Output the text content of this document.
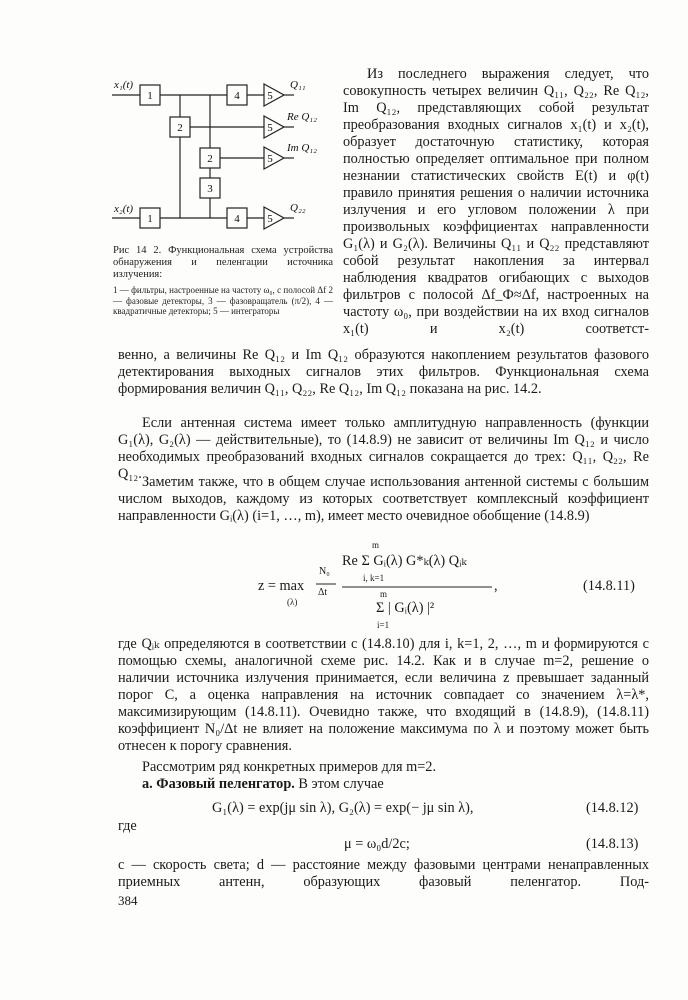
x₁(t)
x₂(t)
Q₁₁
Re Q₁₂
Im Q₁₂
Q₂₂
1
1
4
4
5
5
5
5
2
2
3
Рис 14 2. Функциональная схема устройства обнаружения и пеленгации источника излучения:
1 — фильтры, настроенные на частоту ω₀, с полосой Δf 2 — фазовые детекторы, 3 — фазовращатель (π/2), 4 — квадратичные детекторы; 5 — интеграторы

Из последнего выражения следует, что совокупность четырех величин Q₁₁, Q₂₂, Re Q₁₂, Im Q₁₂, представляющих собой результат преобразования входных сигналов x₁(t) и x₂(t), образует достаточную статистику, которая полностью определяет оптимальное при полном незнании статистических свойств E(t) и φ(t) правило принятия решения о наличии источника излучения и его угловом положении λ при произвольных коэффициентах направленности G₁(λ) и G₂(λ). Величины Q₁₁ и Q₂₂ представляют собой результат накопления за интервал наблюдения квадратов огибающих с выходов фильтров с полосой Δf_Ф≈Δf, настроенных на частоту ω₀, при воздействии на их вход сигналов x₁(t) и x₂(t) соответст-

венно, а величины Re Q₁₂ и Im Q₁₂ образуются накоплением результатов фазового детектирования выходных сигналов этих фильтров. Функциональная схема формирования величин Q₁₁, Q₂₂, Re Q₁₂, Im Q₁₂ показана на рис. 14.2.

Если антенная система имеет только амплитудную направленность (функции G₁(λ), G₂(λ) — действительные), то (14.8.9) не зависит от величины Im Q₁₂ и число необходимых преобразований входных сигналов сокращается до трех: Q₁₁, Q₂₂, Re Q₁₂. Заметим также, что в общем случае использования антенной системы с большим числом выходов, каждому из которых соответствует комплексный коэффициент направленности Gᵢ(λ) (i=1, …, m), имеет место очевидное обобщение (14.8.9)

z = max
(λ)
N₀
Δt
m
Re Σ Gᵢ(λ) G*ₖ(λ) Qᵢₖ
i, k=1
m
Σ | Gᵢ(λ) |²
i=1
,	(14.8.11)

где Qᵢₖ определяются в соответствии с (14.8.10) для i, k=1, 2, …, m и формируются с помощью схемы, аналогичной схеме рис. 14.2. Как и в случае m=2, решение о наличии источника излучения принимается, если величина z превышает заданный порог C, а оценка направления на источник совпадает со значением λ=λ*, максимизирующим (14.8.11). Очевидно также, что входящий в (14.8.9), (14.8.11) коэффициент N₀/Δt не влияет на положение максимума по λ и поэтому может быть отнесен к порогу сравнения.

Рассмотрим ряд конкретных примеров для m=2.

а. Фазовый пеленгатор. В этом случае

G₁(λ) = exp(jμ sin λ), G₂(λ) = exp(− jμ sin λ),	(14.8.12)
где
μ = ω₀d/2c;	(14.8.13)

c — скорость света; d — расстояние между фазовыми центрами ненаправленных приемных антенн, образующих фазовый пеленгатор. Под-

384
